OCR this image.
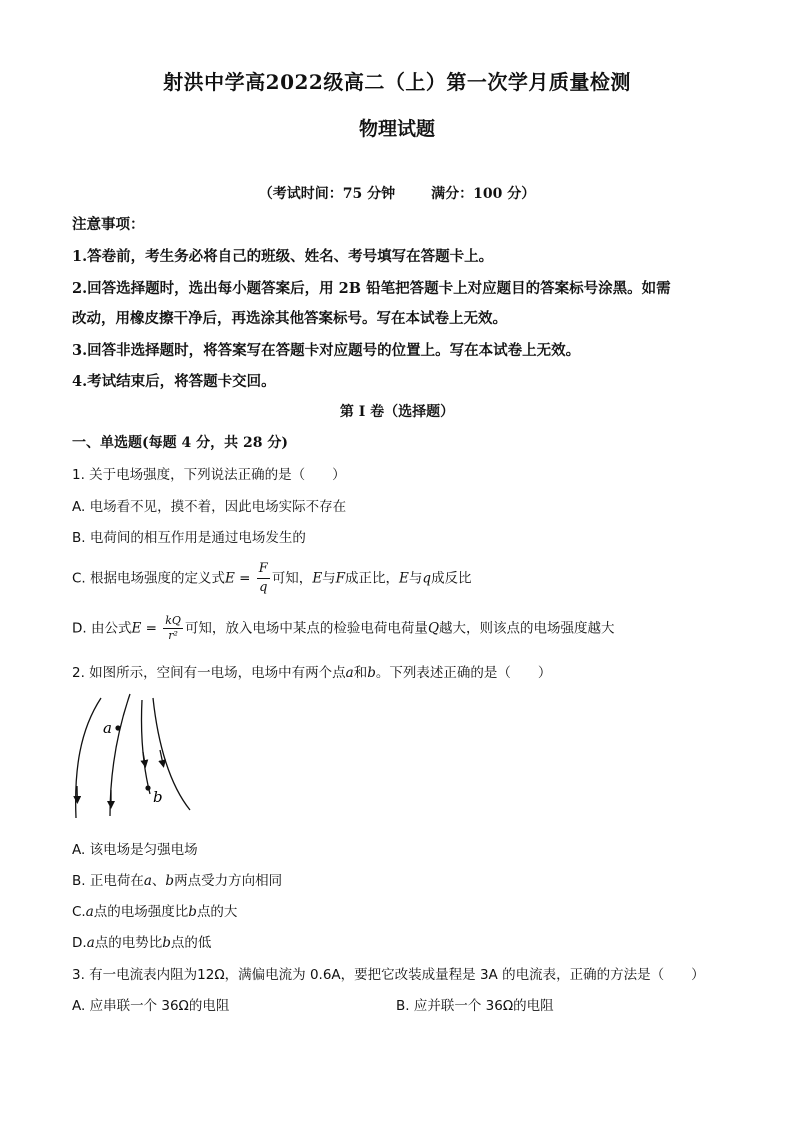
射洪中学高2022级高二（上）第一次学月质量检测
物理试题
（考试时间：75 分钟	满分：100 分）
注意事项：
1.答卷前，考生务必将自己的班级、姓名、考号填写在答题卡上。
2.回答选择题时，选出每小题答案后，用 2B 铅笔把答题卡上对应题目的答案标号涂黑。如需
改动，用橡皮擦干净后，再选涂其他答案标号。写在本试卷上无效。
3.回答非选择题时，将答案写在答题卡对应题号的位置上。写在本试卷上无效。
4.考试结束后，将答题卡交回。
第 I 卷（选择题）
一、单选题(每题 4 分，共 28 分)
1. 关于电场强度，下列说法正确的是（　　）
A. 电场看不见，摸不着，因此电场实际不存在
B. 电荷间的相互作用是通过电场发生的
C. 根据电场强度的定义式$E = \frac{F}{q}$ 可知，E与F成正比，E与q成反比
D. 由公式$E = \frac{kQ}{\text{r²}}$ 可知，放入电场中某点的检验电荷电荷量Q越大，则该点的电场强度越大
2. 如图所示，空间有一电场，电场中有两个点a和b。下列表述正确的是（　　）
a
b
A. 该电场是匀强电场
B. 正电荷在a、b两点受力方向相同
C.a点的电场强度比b点的大
D.a点的电势比b点的低
3. 有一电流表内阻为12Ω，满偏电流为 0.6A，要把它改装成量程是 3A 的电流表，正确的方法是（　　）
A. 应串联一个 36Ω的电阻	B. 应并联一个 36Ω的电阻
